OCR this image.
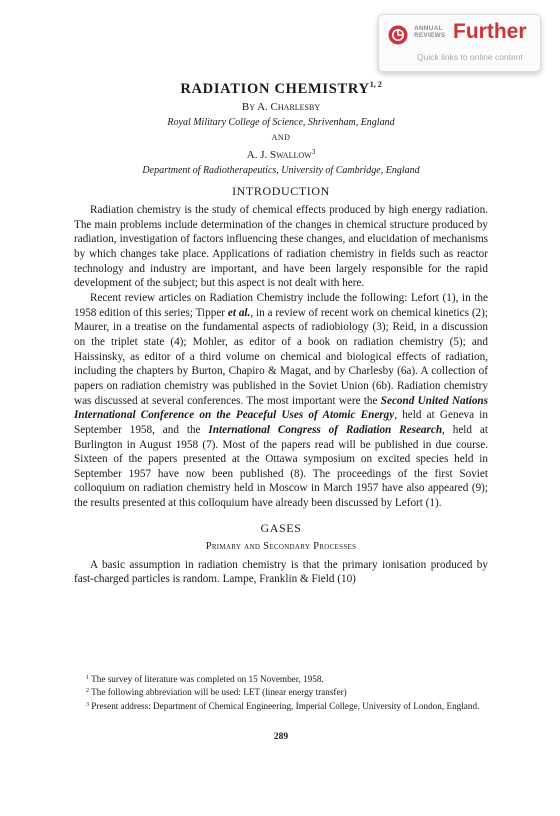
ANNUAL
REVIEWS Further
Quick links to online content
RADIATION CHEMISTRY$^{1, 2}$
By A. Charlesby
Royal Military College of Science, Shrivenham, England
AND
A. J. Swallow$^3$
Department of Radiotherapeutics, University of Cambridge, England
INTRODUCTION

Radiation chemistry is the study of chemical effects produced by high energy radiation. The main problems include determination of the changes in chemical structure produced by radiation, investigation of factors influencing these changes, and elucidation of mechanisms by which changes take place. Applications of radiation chemistry in fields such as reactor technology and industry are important, and have been largely responsible for the rapid development of the subject; but this aspect is not dealt with here.

Recent review articles on Radiation Chemistry include the following: Lefort (1), in the 1958 edition of this series; Tipper et al., in a review of recent work on chemical kinetics (2); Maurer, in a treatise on the fundamental aspects of radiobiology (3); Reid, in a discussion on the triplet state (4); Mohler, as editor of a book on radiation chemistry (5); and Haissinsky, as editor of a third volume on chemical and biological effects of radiation, including the chapters by Burton, Chapiro & Magat, and by Charlesby (6a). A collection of papers on radiation chemistry was published in the Soviet Union (6b). Radiation chemistry was discussed at several conferences. The most important were the Second United Nations International Conference on the Peaceful Uses of Atomic Energy, held at Geneva in September 1958, and the International Congress of Radiation Research, held at Burlington in August 1958 (7). Most of the papers read will be published in due course. Sixteen of the papers presented at the Ottawa symposium on excited species held in September 1957 have now been published (8). The proceedings of the first Soviet colloquium on radiation chemistry held in Moscow in March 1957 have also appeared (9); the results presented at this colloquium have already been discussed by Lefort (1).

GASES
Primary and Secondary Processes

A basic assumption in radiation chemistry is that the primary ionisation produced by fast-charged particles is random. Lampe, Franklin & Field (10)

$^1$ The survey of literature was completed on 15 November, 1958.

$^2$ The following abbreviation will be used: LET (linear energy transfer)

$^3$ Present address: Department of Chemical Engineering, Imperial College, University of London, England.

289
